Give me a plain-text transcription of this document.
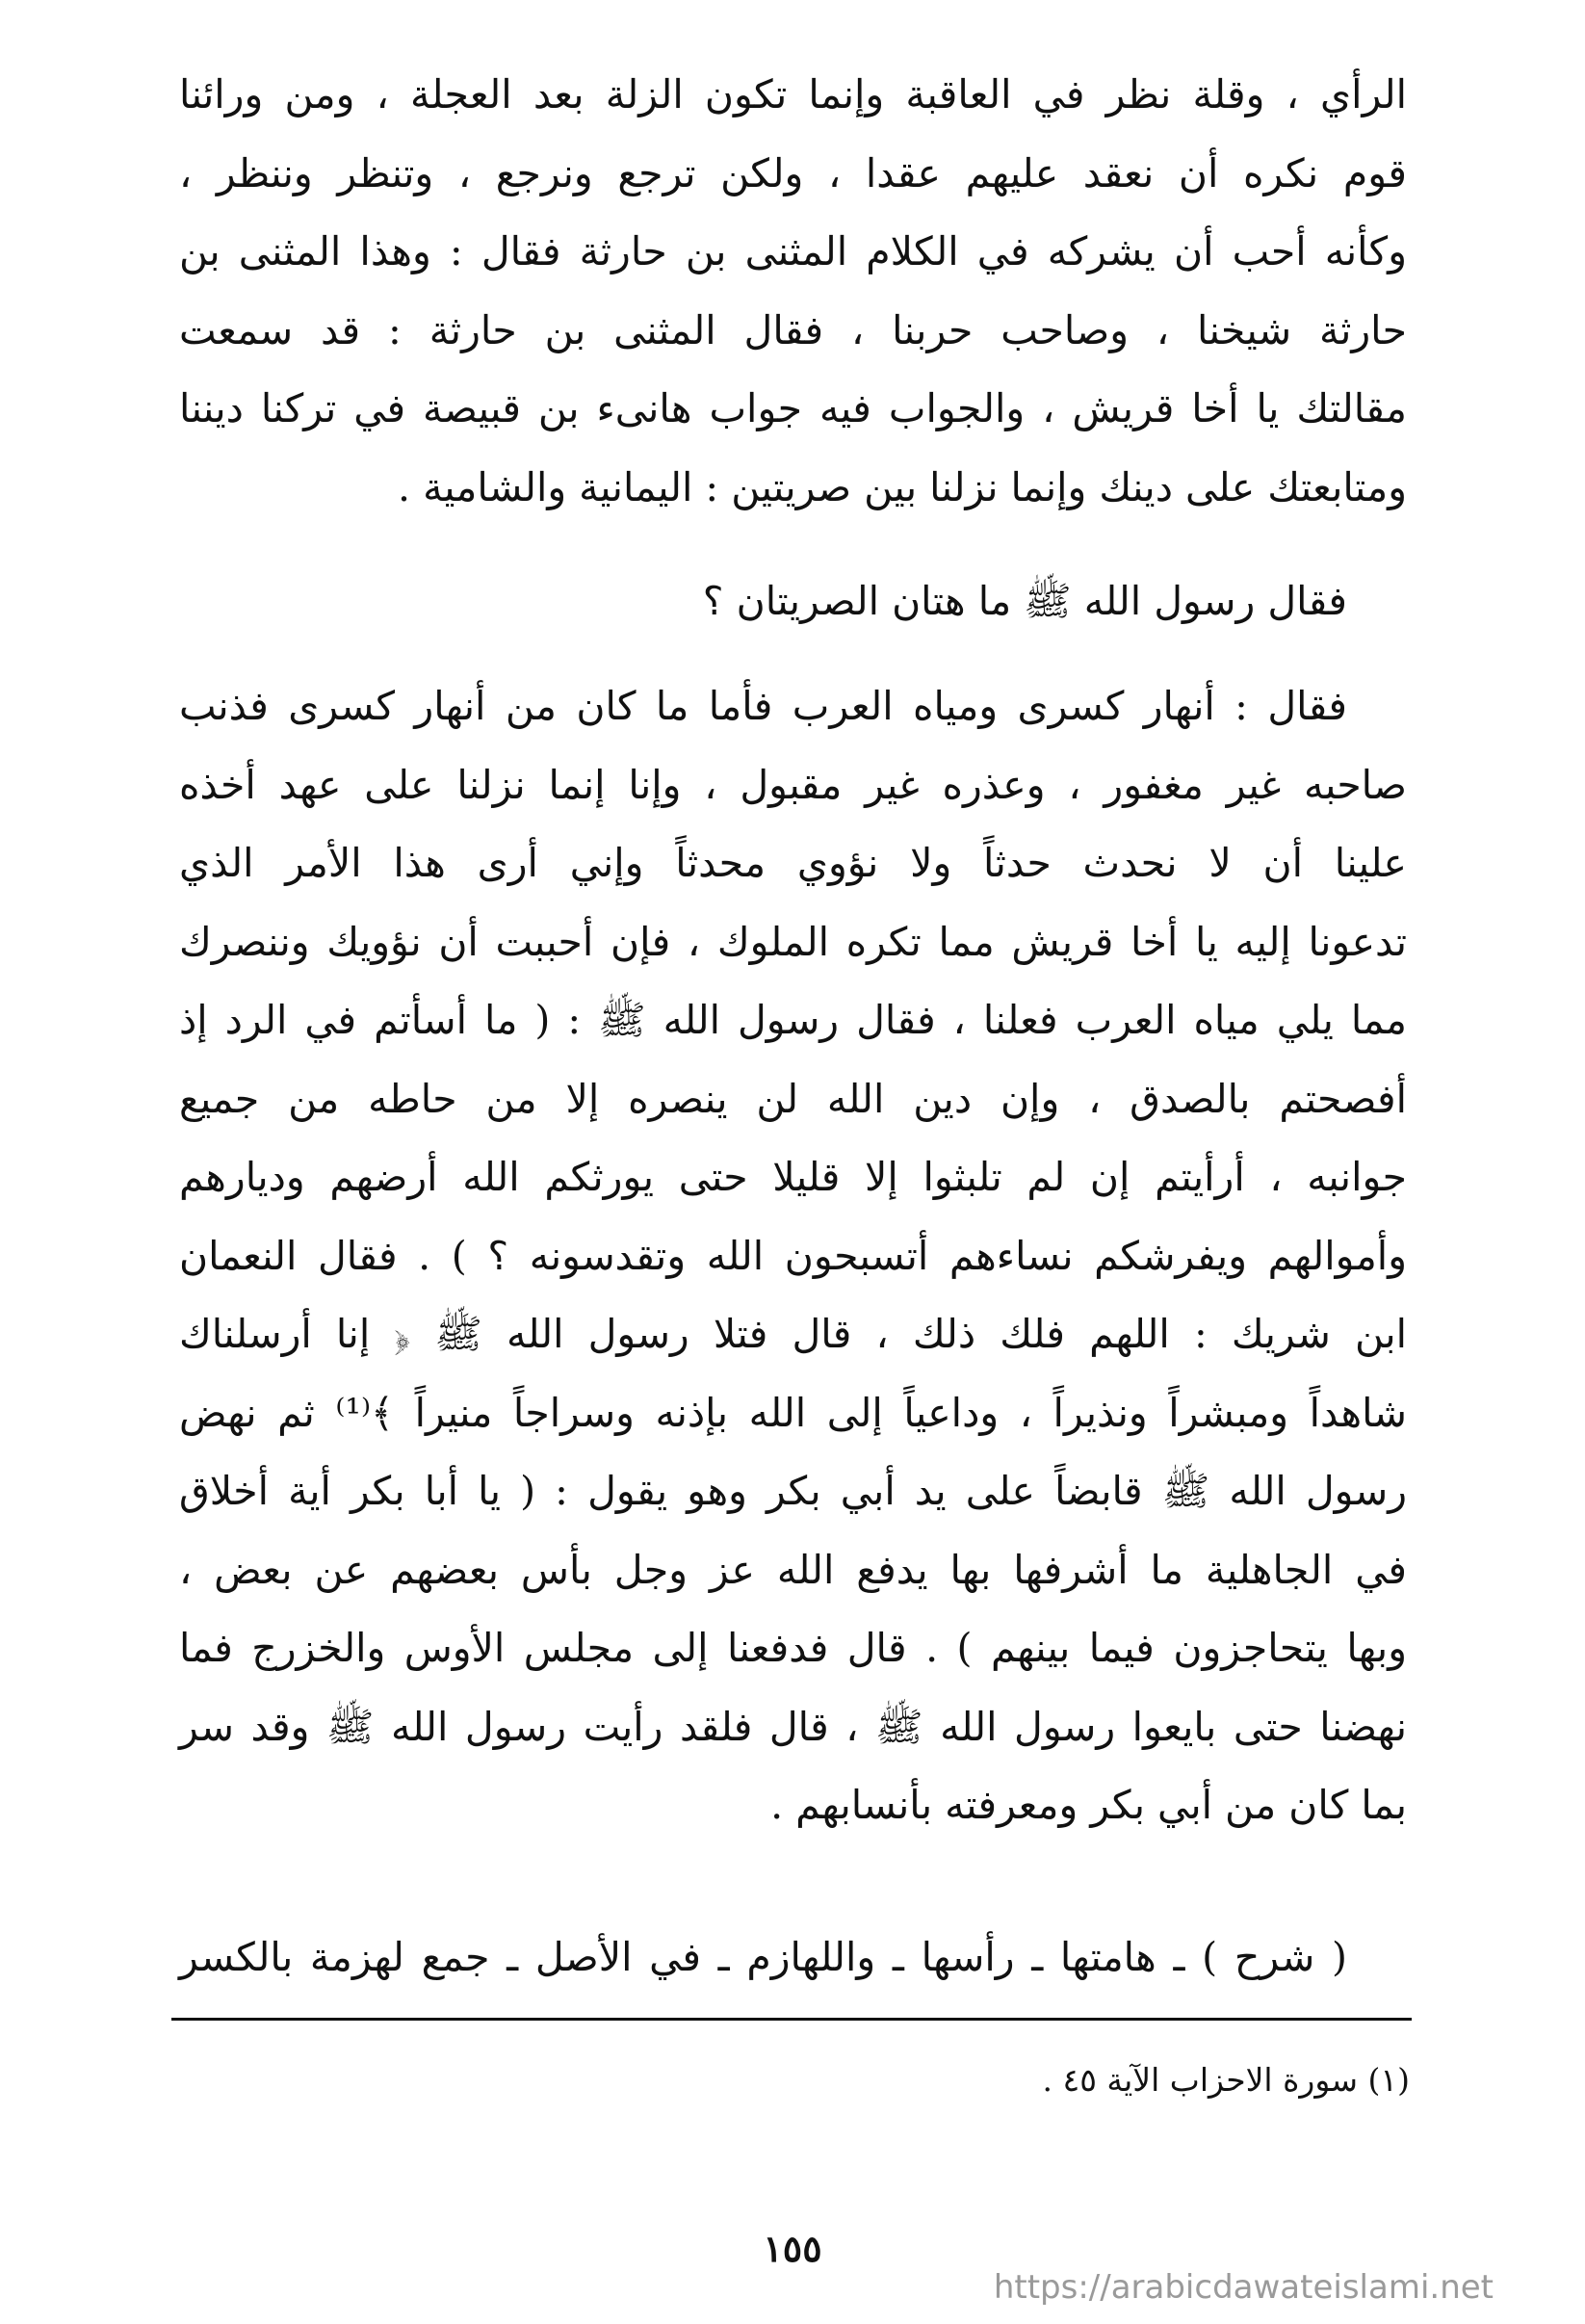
الرأي ، وقلة نظر في العاقبة وإنما تكون الزلة بعد العجلة ، ومن ورائنا
قوم نكره أن نعقد عليهم عقدا ، ولكن ترجع ونرجع ، وتنظر وننظر ،
وكأنه أحب أن يشركه في الكلام المثنى بن حارثة فقال : وهذا المثنى بن
حارثة شيخنا ، وصاحب حربنا ، فقال المثنى بن حارثة : قد سمعت
مقالتك يا أخا قريش ، والجواب فيه جواب هانىء بن قبيصة في تركنا ديننا
ومتابعتك على دينك وإنما نزلنا بين صريتين : اليمانية والشامية .
فقال رسول الله ﷺ ما هتان الصريتان ؟
فقال : أنهار كسرى ومياه العرب فأما ما كان من أنهار كسرى فذنب
صاحبه غير مغفور ، وعذره غير مقبول ، وإنا إنما نزلنا على عهد أخذه
علينا أن لا نحدث حدثاً ولا نؤوي محدثاً وإني أرى هذا الأمر الذي
تدعونا إليه يا أخا قريش مما تكره الملوك ، فإن أحببت أن نؤويك وننصرك
مما يلي مياه العرب فعلنا ، فقال رسول الله ﷺ : ( ما أسأتم في الرد إذ
أفصحتم بالصدق ، وإن دين الله لن ينصره إلا من حاطه من جميع
جوانبه ، أرأيتم إن لم تلبثوا إلا قليلا حتى يورثكم الله أرضهم وديارهم
وأموالهم ويفرشكم نساءهم أتسبحون الله وتقدسونه ؟ ) . فقال النعمان
ابن شريك : اللهم فلك ذلك ، قال فتلا رسول الله ﷺ ﴿ إنا أرسلناك
شاهداً ومبشراً ونذيراً ، وداعياً إلى الله بإذنه وسراجاً منيراً ﴾⁽¹⁾ ثم نهض
رسول الله ﷺ قابضاً على يد أبي بكر وهو يقول : ( يا أبا بكر أية أخلاق
في الجاهلية ما أشرفها بها يدفع الله عز وجل بأس بعضهم عن بعض ،
وبها يتحاجزون فيما بينهم ) . قال فدفعنا إلى مجلس الأوس والخزرج فما
نهضنا حتى بايعوا رسول الله ﷺ ، قال فلقد رأيت رسول الله ﷺ وقد سر
بما كان من أبي بكر ومعرفته بأنسابهم .
( شرح ) ـ هامتها ـ رأسها ـ واللهازم ـ في الأصل ـ جمع لهزمة بالكسر
(١) سورة الاحزاب الآية ٤٥ .
١٥٥
https://arabicdawateislami.net
